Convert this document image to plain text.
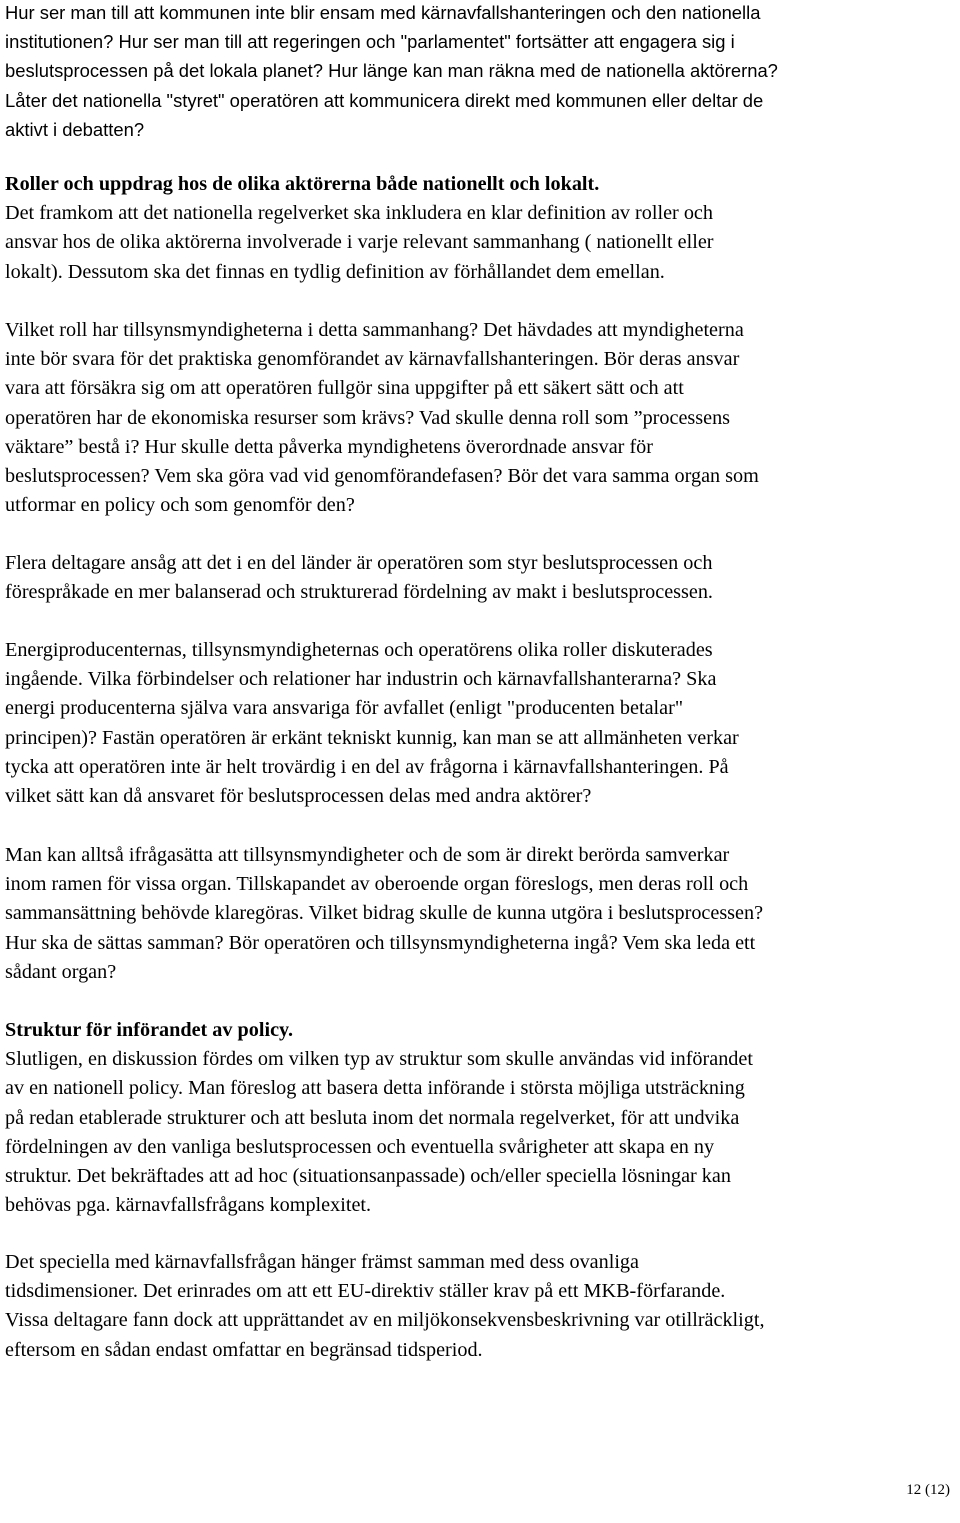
Hur ser man till att kommunen inte blir ensam med kärnavfallshanteringen och den nationella
institutionen? Hur ser man till att regeringen och "parlamentet" fortsätter att engagera sig i
beslutsprocessen på det lokala planet? Hur länge kan man räkna med de nationella aktörerna?
Låter det nationella "styret" operatören att kommunicera direkt med kommunen eller deltar de
aktivt i debatten?
Roller och uppdrag hos de olika aktörerna både nationellt och lokalt.
Det framkom att det nationella regelverket ska inkludera en klar definition av roller och
ansvar hos de olika aktörerna involverade i varje relevant sammanhang ( nationellt eller
lokalt). Dessutom ska det finnas en tydlig definition av förhållandet dem emellan.
Vilket roll har tillsynsmyndigheterna i detta sammanhang? Det hävdades att myndigheterna
inte bör svara för det praktiska genomförandet av kärnavfallshanteringen. Bör deras ansvar
vara att försäkra sig om att operatören fullgör sina uppgifter på ett säkert sätt och att
operatören har de ekonomiska resurser som krävs? Vad skulle denna roll som ”processens
väktare” bestå i? Hur skulle detta påverka myndighetens överordnade ansvar för
beslutsprocessen? Vem ska göra vad vid genomförandefasen? Bör det vara samma organ som
utformar en policy och som genomför den?
Flera deltagare ansåg att det i en del länder är operatören som styr beslutsprocessen och
förespråkade en mer balanserad och strukturerad fördelning av makt i beslutsprocessen.
Energiproducenternas, tillsynsmyndigheternas och operatörens olika roller diskuterades
ingående. Vilka förbindelser och relationer har industrin och kärnavfallshanterarna? Ska
energi producenterna själva vara ansvariga för avfallet (enligt "producenten betalar"
principen)? Fastän operatören är erkänt tekniskt kunnig, kan man se att allmänheten verkar
tycka att operatören inte är helt trovärdig i en del av frågorna i kärnavfallshanteringen. På
vilket sätt kan då ansvaret för beslutsprocessen delas med andra aktörer?
Man kan alltså ifrågasätta att tillsynsmyndigheter och de som är direkt berörda samverkar
inom ramen för vissa organ. Tillskapandet av oberoende organ föreslogs, men deras roll och
sammansättning behövde klaregöras. Vilket bidrag skulle de kunna utgöra i beslutsprocessen?
Hur ska de sättas samman? Bör operatören och tillsynsmyndigheterna ingå? Vem ska leda ett
sådant organ?
Struktur för införandet av policy.
Slutligen, en diskussion fördes om vilken typ av struktur som skulle användas vid införandet
av en nationell policy. Man föreslog att basera detta införande i största möjliga utsträckning
på redan etablerade strukturer och att besluta inom det normala regelverket, för att undvika
fördelningen av den vanliga beslutsprocessen och eventuella svårigheter att skapa en ny
struktur. Det bekräftades att ad hoc (situationsanpassade) och/eller speciella lösningar kan
behövas pga. kärnavfallsfrågans komplexitet.
Det speciella med kärnavfallsfrågan hänger främst samman med dess ovanliga
tidsdimensioner. Det erinrades om att ett EU-direktiv ställer krav på ett MKB-förfarande.
Vissa deltagare fann dock att upprättandet av en miljökonsekvensbeskrivning var otillräckligt,
eftersom en sådan endast omfattar en begränsad tidsperiod.
12 (12)
